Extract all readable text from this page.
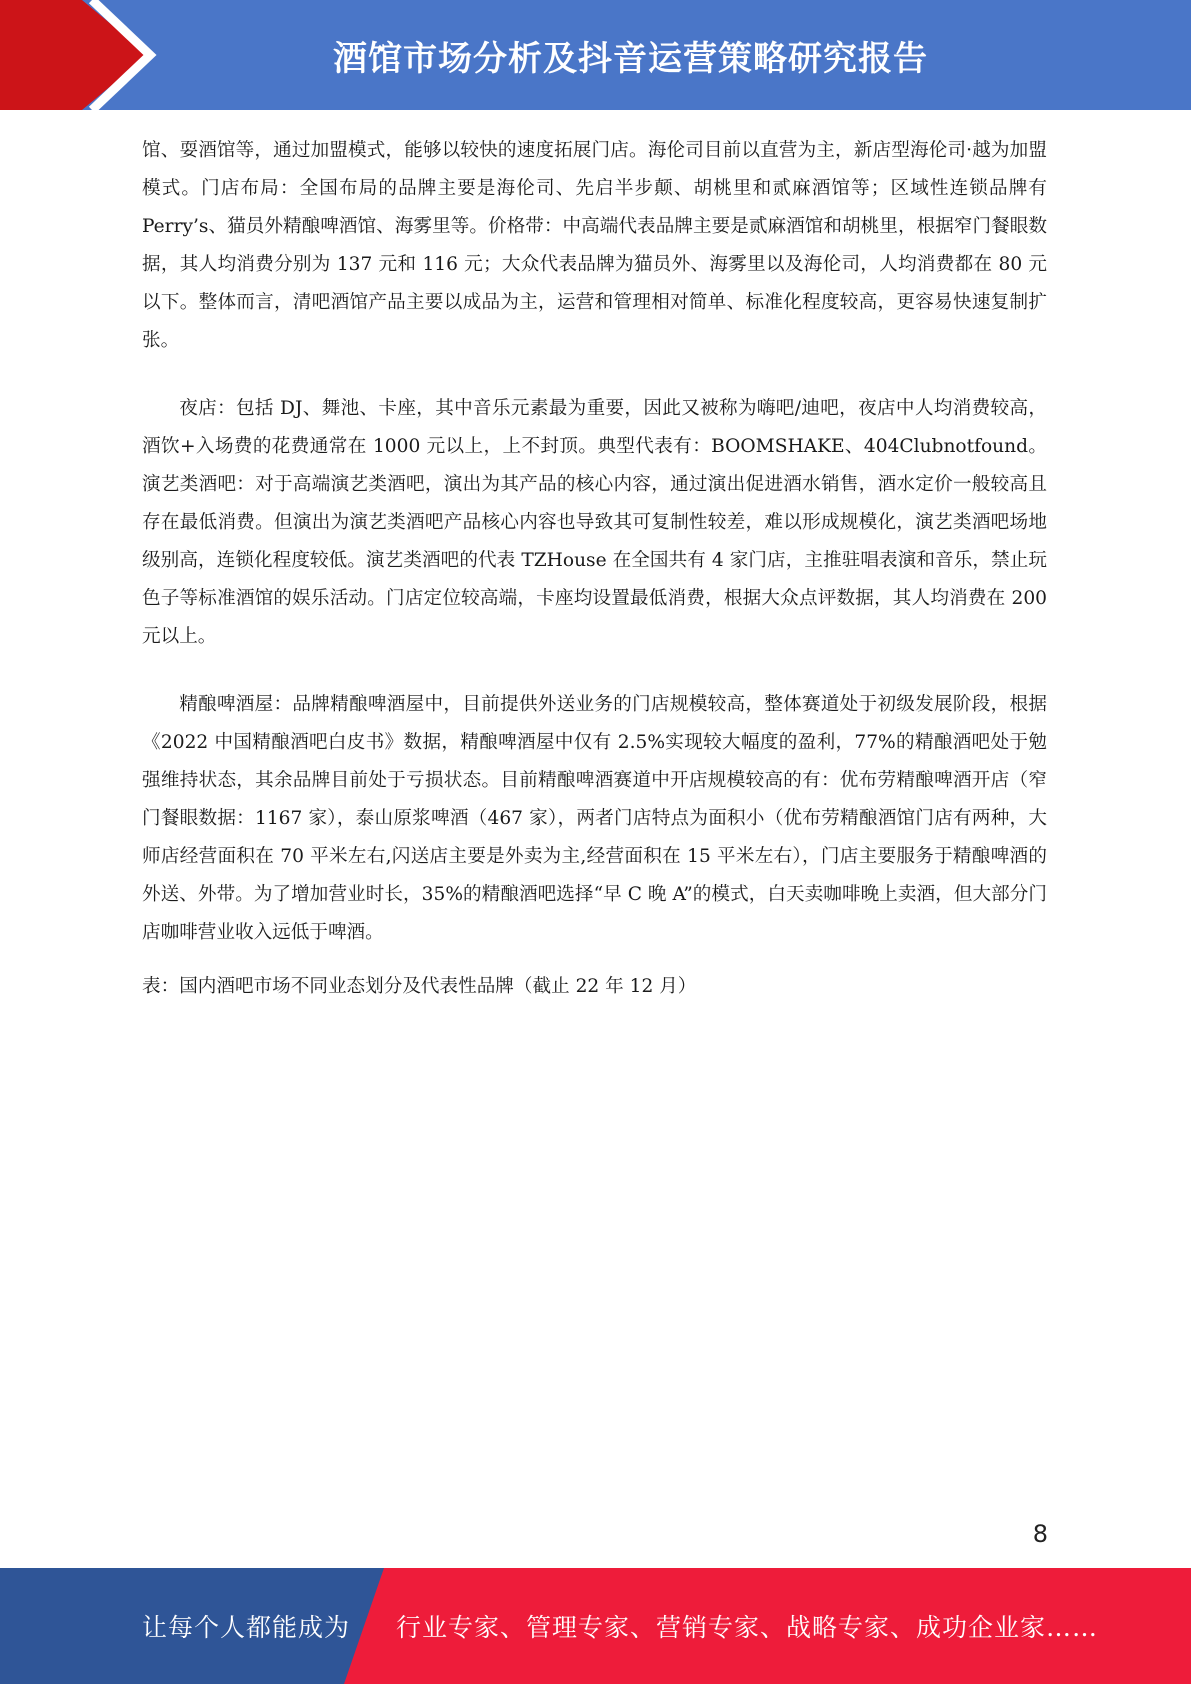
酒馆市场分析及抖音运营策略研究报告

馆、耍酒馆等，通过加盟模式，能够以较快的速度拓展门店。海伦司目前以直营为主，新店型海伦司·越为加盟模式。门店布局：全国布局的品牌主要是海伦司、先启半步颠、胡桃里和贰麻酒馆等；区域性连锁品牌有 Perry’s、猫员外精酿啤酒馆、海雾里等。价格带：中高端代表品牌主要是贰麻酒馆和胡桃里，根据窄门餐眼数据，其人均消费分别为 137 元和 116 元；大众代表品牌为猫员外、海雾里以及海伦司，人均消费都在 80 元以下。整体而言，清吧酒馆产品主要以成品为主，运营和管理相对简单、标准化程度较高，更容易快速复制扩张。

夜店：包括 DJ、舞池、卡座，其中音乐元素最为重要，因此又被称为嗨吧/迪吧，夜店中人均消费较高，酒饮+入场费的花费通常在 1000 元以上，上不封顶。典型代表有：BOOMSHAKE、404Clubnotfound。演艺类酒吧：对于高端演艺类酒吧，演出为其产品的核心内容，通过演出促进酒水销售，酒水定价一般较高且存在最低消费。但演出为演艺类酒吧产品核心内容也导致其可复制性较差，难以形成规模化，演艺类酒吧场地级别高，连锁化程度较低。演艺类酒吧的代表 TZHouse 在全国共有 4 家门店，主推驻唱表演和音乐，禁止玩色子等标准酒馆的娱乐活动。门店定位较高端，卡座均设置最低消费，根据大众点评数据，其人均消费在 200 元以上。

精酿啤酒屋：品牌精酿啤酒屋中，目前提供外送业务的门店规模较高，整体赛道处于初级发展阶段，根据《2022 中国精酿酒吧白皮书》数据，精酿啤酒屋中仅有 2.5%实现较大幅度的盈利，77%的精酿酒吧处于勉强维持状态，其余品牌目前处于亏损状态。目前精酿啤酒赛道中开店规模较高的有：优布劳精酿啤酒开店（窄门餐眼数据：1167 家），泰山原浆啤酒（467 家），两者门店特点为面积小（优布劳精酿酒馆门店有两种，大师店经营面积在 70 平米左右,闪送店主要是外卖为主,经营面积在 15 平米左右），门店主要服务于精酿啤酒的外送、外带。为了增加营业时长，35%的精酿酒吧选择“早 C 晚 A”的模式，白天卖咖啡晚上卖酒，但大部分门店咖啡营业收入远低于啤酒。

表：国内酒吧市场不同业态划分及代表性品牌（截止 22 年 12 月）

8
让每个人都能成为 行业专家、管理专家、营销专家、战略专家、成功企业家……
